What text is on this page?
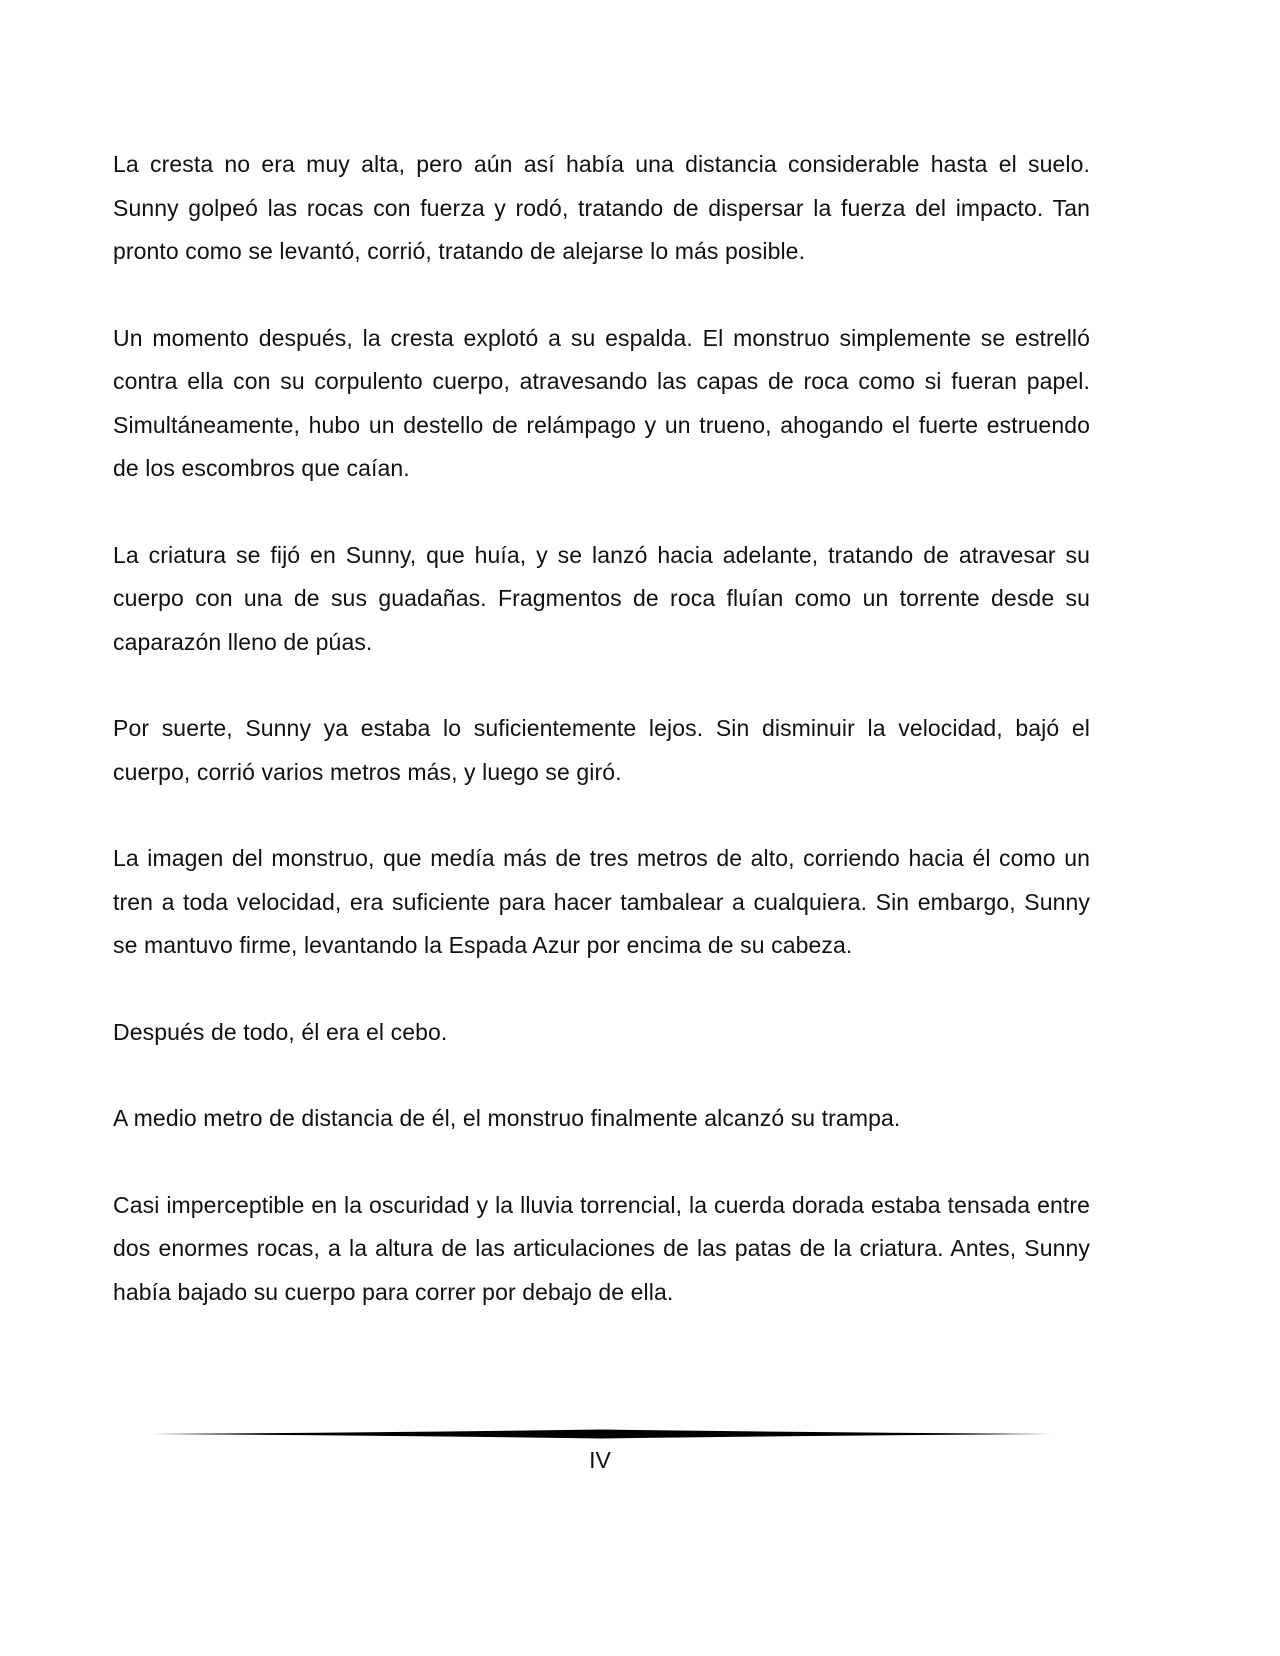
La cresta no era muy alta, pero aún así había una distancia considerable hasta el suelo. Sunny golpeó las rocas con fuerza y rodó, tratando de dispersar la fuerza del impacto. Tan pronto como se levantó, corrió, tratando de alejarse lo más posible.

Un momento después, la cresta explotó a su espalda. El monstruo simplemente se estrelló contra ella con su corpulento cuerpo, atravesando las capas de roca como si fueran papel. Simultáneamente, hubo un destello de relámpago y un trueno, ahogando el fuerte estruendo de los escombros que caían.

La criatura se fijó en Sunny, que huía, y se lanzó hacia adelante, tratando de atravesar su cuerpo con una de sus guadañas. Fragmentos de roca fluían como un torrente desde su caparazón lleno de púas.

Por suerte, Sunny ya estaba lo suficientemente lejos. Sin disminuir la velocidad, bajó el cuerpo, corrió varios metros más, y luego se giró.

La imagen del monstruo, que medía más de tres metros de alto, corriendo hacia él como un tren a toda velocidad, era suficiente para hacer tambalear a cualquiera. Sin embargo, Sunny se mantuvo firme, levantando la Espada Azur por encima de su cabeza.

Después de todo, él era el cebo.

A medio metro de distancia de él, el monstruo finalmente alcanzó su trampa.

Casi imperceptible en la oscuridad y la lluvia torrencial, la cuerda dorada estaba tensada entre dos enormes rocas, a la altura de las articulaciones de las patas de la criatura. Antes, Sunny había bajado su cuerpo para correr por debajo de ella.

IV
